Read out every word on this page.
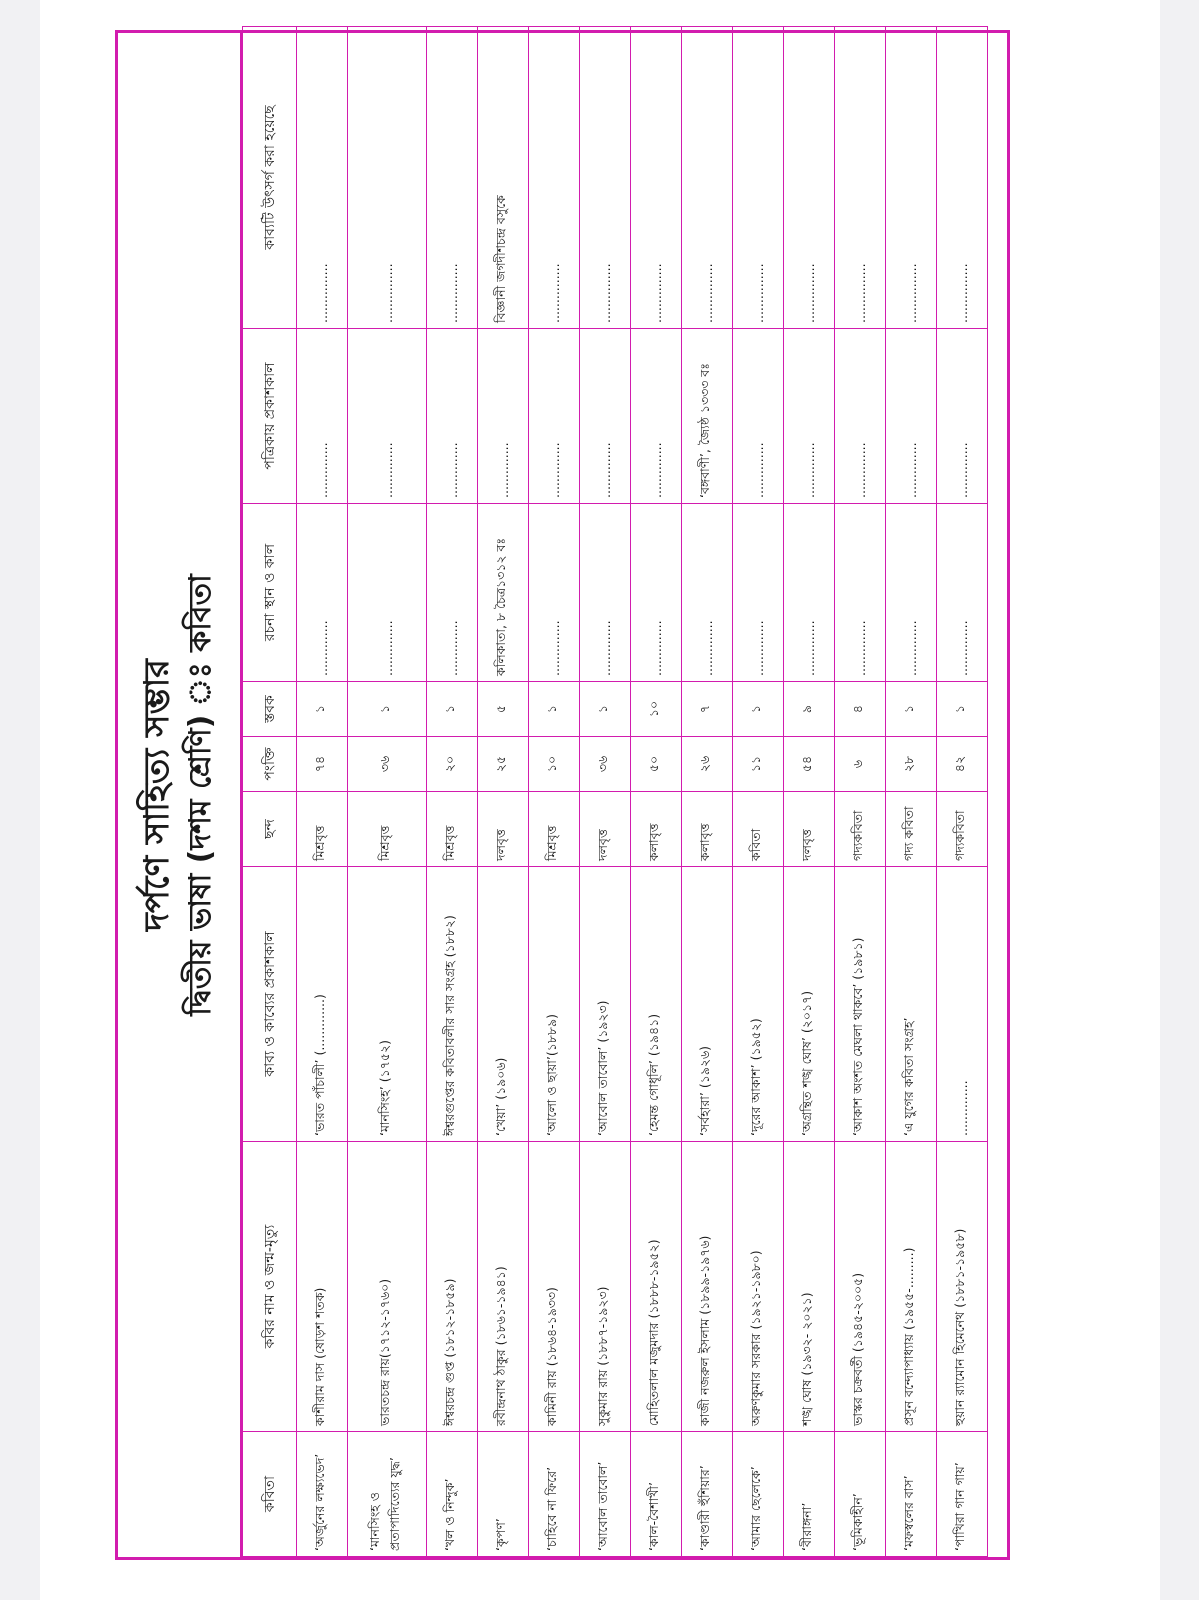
দর্পণে সাহিত্য সম্ভার দ্বিতীয় ভাষা (দশম শ্রেণি) ঃ কবিতা
কবিতা	কবির নাম ও জন্ম-মৃত্যু	কাব্য ও কাব্যের প্রকাশকাল	ছন্দ	পংক্তি	স্তবক	রচনা স্থান ও কাল	পত্রিকায় প্রকাশকাল	কাব্যটি উৎসর্গ করা হয়েছে
‘অর্জুনের লক্ষ্যভেদ’	কাশীরাম দাস (ষোড়শ শতক)	‘ভারত পাঁচালী’ (.............)	মিশ্রবৃত্ত	৭৪	১	..............	..............	...............
‘মানসিংহ ও প্রতাপাদিত্যের যুদ্ধ’	ভারতচন্দ্র রায়(১৭১২-১৭৬০)	‘মানসিংহ’ (১৭৫২)	মিশ্রবৃত্ত	৩৬	১	..............	..............	...............
‘খল ও নিন্দুক’	ঈশ্বরচন্দ্র গুপ্ত (১৮১২-১৮৫৯)	ঈশ্বরগুপ্তের কবিতাবলীর সার সংগ্রহ (১৮৮২)	মিশ্রবৃত্ত	২০	১	..............	..............	...............
‘কৃপণ’	রবীন্দ্রনাথ ঠাকুর (১৮৬১-১৯৪১)	‘খেয়া’ (১৯০৬)	দলবৃত্ত	২৫	৫	কলিকাতা, ৮ চৈত্র১৩১২ বঃ	..............	বিজ্ঞানী জগদীশচন্দ্র বসুকে
‘চাহিবে না ফিরে’	কামিনী রায় (১৮৬৪-১৯৩৩)	‘আলো ও ছায়া’(১৮৮৯)	মিশ্রবৃত্ত	১০	১	..............	..............	...............
‘আবোল তাবোল’	সুকুমার রায় (১৮৮৭-১৯২৩)	‘আবোল তাবোল’ (১৯২৩)	দলবৃত্ত	৩৬	১	..............	..............	...............
‘কাল-বৈশাখী’	মোহিতলাল মজুমদার (১৮৮৮-১৯৫২)	‘হেমন্ত গোধূলি’ (১৯৪১)	কলাবৃত্ত	৫০	১০	..............	..............	...............
‘কাণ্ডারী হুঁশিয়ার’	কাজী নজরুল ইসলাম (১৮৯৯-১৯৭৬)	‘সর্বহারা’ (১৯২৬)	কলাবৃত্ত	২৬	৭	..............	‘বঙ্গবাণী’, জ্যৈষ্ঠ ১৩৩৩ বঃ	...............
‘আমার ছেলেকে’	অরুণকুমার সরকার (১৯২১-১৯৮০)	‘দূরের আকাশ’ (১৯৫২)	কবিতা	১১	১	..............	..............	...............
‘বীরাঙ্গনা’	শঙ্খ ঘোষ (১৯৩২- ২০২১)	‘অগ্রন্থিত শঙ্খ ঘোষ’ (২০১৭)	দলবৃত্ত	৫৪	৯	..............	..............	...............
‘ভূমিকাহীন’	ভাস্কর চক্রবর্তী (১৯৪৫-২০০৫)	‘আকাশ অংশত মেঘলা থাকবে’ (১৯৮১)	গদ্যকবিতা	৬	৪	..............	..............	...............
‘মফস্বলের বাস’	প্রসূন বন্দ্যোপাধ্যায় (১৯৫৫-.........)	‘এ যুগের কবিতা সংগ্রহ’	গদ্য কবিতা	২৮	১	..............	..............	...............
‘পাখিরা গান গায়’	হুয়ান র‍্যামোন হিমেনেথ (১৮৮১-১৯৫৮)	..............	গদ্যকবিতা	৪২	১	..............	..............	...............
